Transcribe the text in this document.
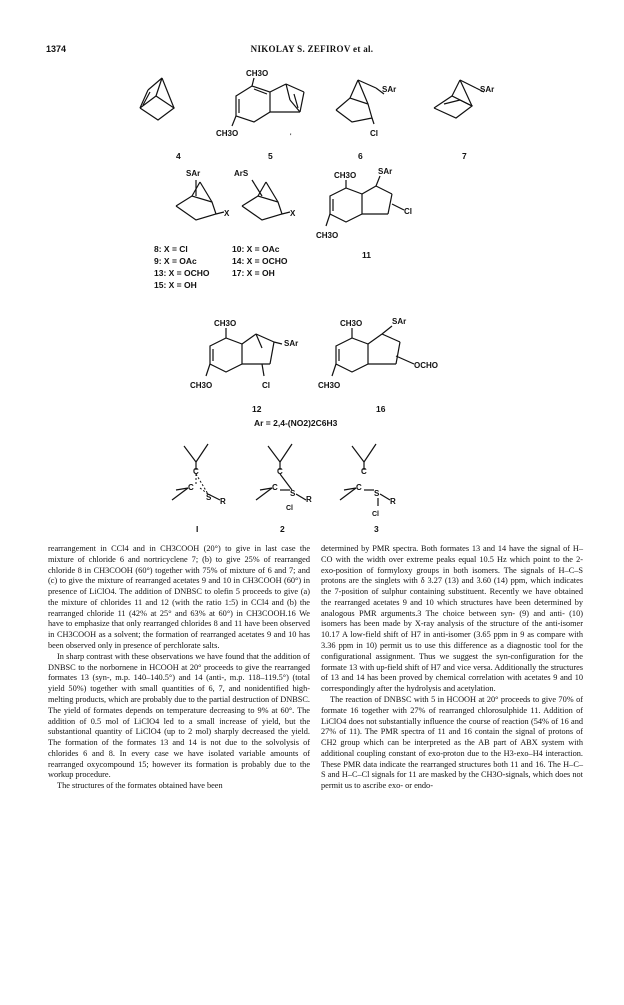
1374	NIKOLAY S. ZEFIROV et al.
4
CH3O
CH3O
5
'
SAr
Cl
6
SAr
7
SAr
X
ArS
X
CH3O	SAr
Cl
CH3O
11
8: X = Cl
9: X = OAc
13: X = OCHO
15: X = OH
10: X = OAc
14: X = OCHO
17: X = OH
CH3O
SAr
Cl
CH3O
12
CH3O	SAr
OCHO
CH3O
16
Ar = 2,4-(NO2)2C6H3
C
C
S R
I
C
C
S
R
Cl
2
C
C
S
R
Cl
3

rearrangement in CCl4 and in CH3COOH (20°) to give in last case the mixture of chloride 6 and nortricyclene 7; (b) to give 25% of rearranged chloride 8 in CH3COOH (60°) together with 75% of mixture of 6 and 7; and (c) to give the mixture of rearranged acetates 9 and 10 in CH3COOH (60°) in presence of LiClO4. The addition of DNBSC to olefin 5 proceeds to give (a) the mixture of chlorides 11 and 12 (with the ratio 1:5) in CCl4 and (b) the rearranged chloride 11 (42% at 25° and 63% at 60°) in CH3COOH.16 We have to emphasize that only rearranged chlorides 8 and 11 have been observed in CH3COOH as a solvent; the formation of rearranged acetates 9 and 10 has been observed only in presence of perchlorate salts.

In sharp contrast with these observations we have found that the addition of DNBSC to the norbornene in HCOOH at 20° proceeds to give the rearranged formates 13 (syn-, m.p. 140–140.5°) and 14 (anti-, m.p. 118–119.5°) (total yield 50%) together with small quantities of 6, 7, and nonidentified high-melting products, which are probably due to the partial destruction of DNBSC. The yield of formates depends on temperature decreasing to 9% at 60°. The addition of 0.5 mol of LiClO4 led to a small increase of yield, but the substantional quantity of LiClO4 (up to 2 mol) sharply decreased the yield. The formation of the formates 13 and 14 is not due to the solvolysis of chlorides 6 and 8. In every case we have isolated variable amounts of rearranged oxycompound 15; however its formation is probably due to the workup procedure.

The structures of the formates obtained have been

determined by PMR spectra. Both formates 13 and 14 have the signal of H–CO with the width over extreme peaks equal 10.5 Hz which point to the 2-exo-position of formyloxy groups in both isomers. The signals of H–C–S protons are the singlets with δ 3.27 (13) and 3.60 (14) ppm, which indicates the 7-position of sulphur containing substituent. Recently we have obtained the rearranged acetates 9 and 10 which structures have been determined by analogous PMR arguments.3 The choice between syn- (9) and anti- (10) isomers has been made by X-ray analysis of the structure of the anti-isomer 10.17 A low-field shift of H7 in anti-isomer (3.65 ppm in 9 as compare with 3.36 ppm in 10) permit us to use this difference as a diagnostic tool for the configurational assignment. Thus we suggest the syn-configuration for the formate 13 with up-field shift of H7 and vice versa. Additionally the structures of 13 and 14 has been proved by chemical correlation with acetates 9 and 10 correspondingly after the hydrolysis and acetylation.

The reaction of DNBSC with 5 in HCOOH at 20° proceeds to give 70% of formate 16 together with 27% of rearranged chlorosulphide 11. Addition of LiClO4 does not substantially influence the course of reaction (54% of 16 and 27% of 11). The PMR spectra of 11 and 16 contain the signal of protons of CH2 group which can be interpreted as the AB part of ABX system with additional coupling constant of exo-proton due to the H3-exo–H4 interaction. These PMR data indicate the rearranged structures both 11 and 16. The H–C–S and H–C–Cl signals for 11 are masked by the CH3O-signals, which does not permit us to ascribe exo- or endo-
